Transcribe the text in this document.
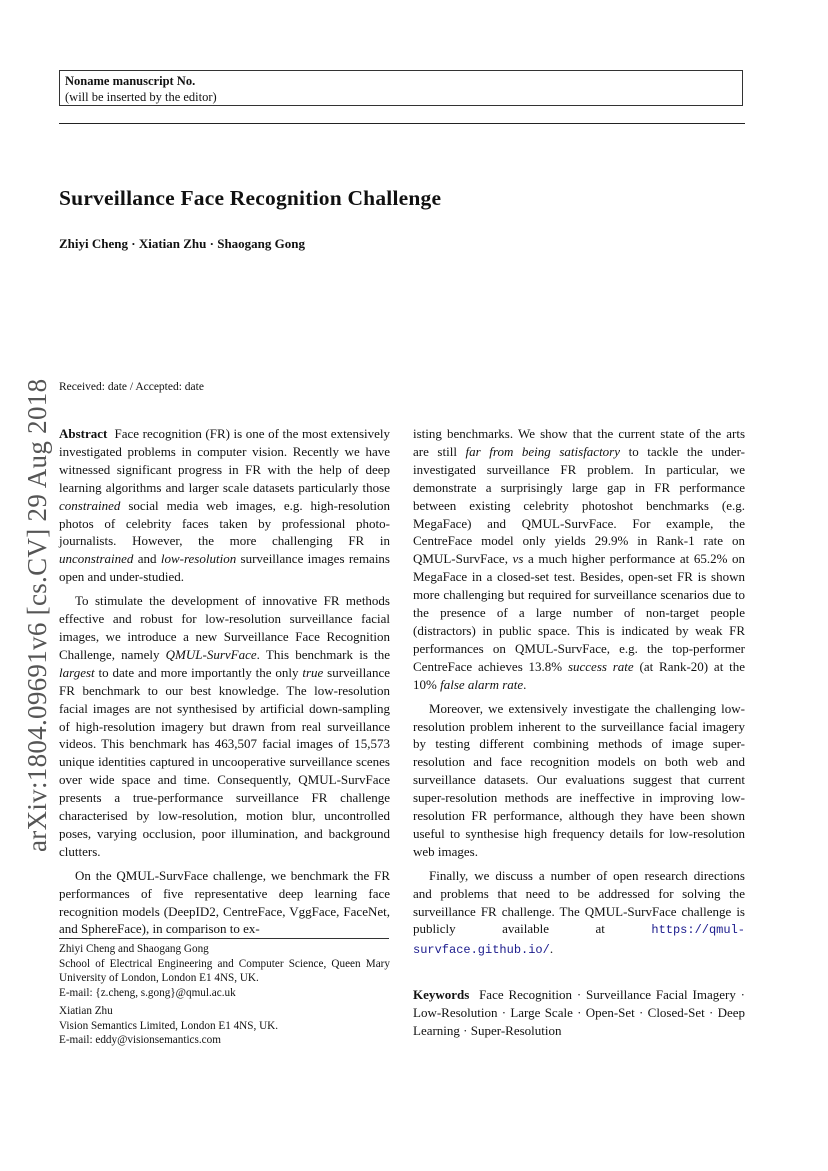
Noname manuscript No.
(will be inserted by the editor)
Surveillance Face Recognition Challenge
Zhiyi Cheng · Xiatian Zhu · Shaogang Gong
Received: date / Accepted: date
arXiv:1804.09691v6 [cs.CV] 29 Aug 2018 Abstract Face recognition (FR) is one of the most extensively investigated problems in computer vision. Recently we have witnessed significant progress in FR with the help of deep learning algorithms and larger scale datasets particularly those constrained social media web images, e.g. high-resolution photos of celebrity faces taken by professional photo-journalists. However, the more challenging FR in unconstrained and low-resolution surveillance images remains open and under-studied.

To stimulate the development of innovative FR methods effective and robust for low-resolution surveillance facial images, we introduce a new Surveillance Face Recognition Challenge, namely QMUL-SurvFace. This benchmark is the largest to date and more importantly the only true surveillance FR benchmark to our best knowledge. The low-resolution facial images are not synthesised by artificial down-sampling of high-resolution imagery but drawn from real surveillance videos. This benchmark has 463,507 facial images of 15,573 unique identities captured in uncooperative surveillance scenes over wide space and time. Consequently, QMUL-SurvFace presents a true-performance surveillance FR challenge characterised by low-resolution, motion blur, uncontrolled poses, varying occlusion, poor illumination, and background clutters.

On the QMUL-SurvFace challenge, we benchmark the FR performances of five representative deep learning face recognition models (DeepID2, CentreFace, VggFace, FaceNet, and SphereFace), in comparison to ex-

Zhiyi Cheng and Shaogang Gong
School of Electrical Engineering and Computer Science, Queen Mary University of London, London E1 4NS, UK.
E-mail: {z.cheng, s.gong}@qmul.ac.uk
Xiatian Zhu
Vision Semantics Limited, London E1 4NS, UK.
E-mail: eddy@visionsemantics.com

isting benchmarks. We show that the current state of the arts are still far from being satisfactory to tackle the under-investigated surveillance FR problem. In particular, we demonstrate a surprisingly large gap in FR performance between existing celebrity photoshot benchmarks (e.g. MegaFace) and QMUL-SurvFace. For example, the CentreFace model only yields 29.9% in Rank-1 rate on QMUL-SurvFace, vs a much higher performance at 65.2% on MegaFace in a closed-set test. Besides, open-set FR is shown more challenging but required for surveillance scenarios due to the presence of a large number of non-target people (distractors) in public space. This is indicated by weak FR performances on QMUL-SurvFace, e.g. the top-performer CentreFace achieves 13.8% success rate (at Rank-20) at the 10% false alarm rate.

Moreover, we extensively investigate the challenging low-resolution problem inherent to the surveillance facial imagery by testing different combining methods of image super-resolution and face recognition models on both web and surveillance datasets. Our evaluations suggest that current super-resolution methods are ineffective in improving low-resolution FR performance, although they have been shown useful to synthesise high frequency details for low-resolution web images.

Finally, we discuss a number of open research directions and problems that need to be addressed for solving the surveillance FR challenge. The QMUL-SurvFace challenge is publicly available at https://qmul-survface.github.io/.

Keywords Face Recognition · Surveillance Facial Imagery · Low-Resolution · Large Scale · Open-Set · Closed-Set · Deep Learning · Super-Resolution
